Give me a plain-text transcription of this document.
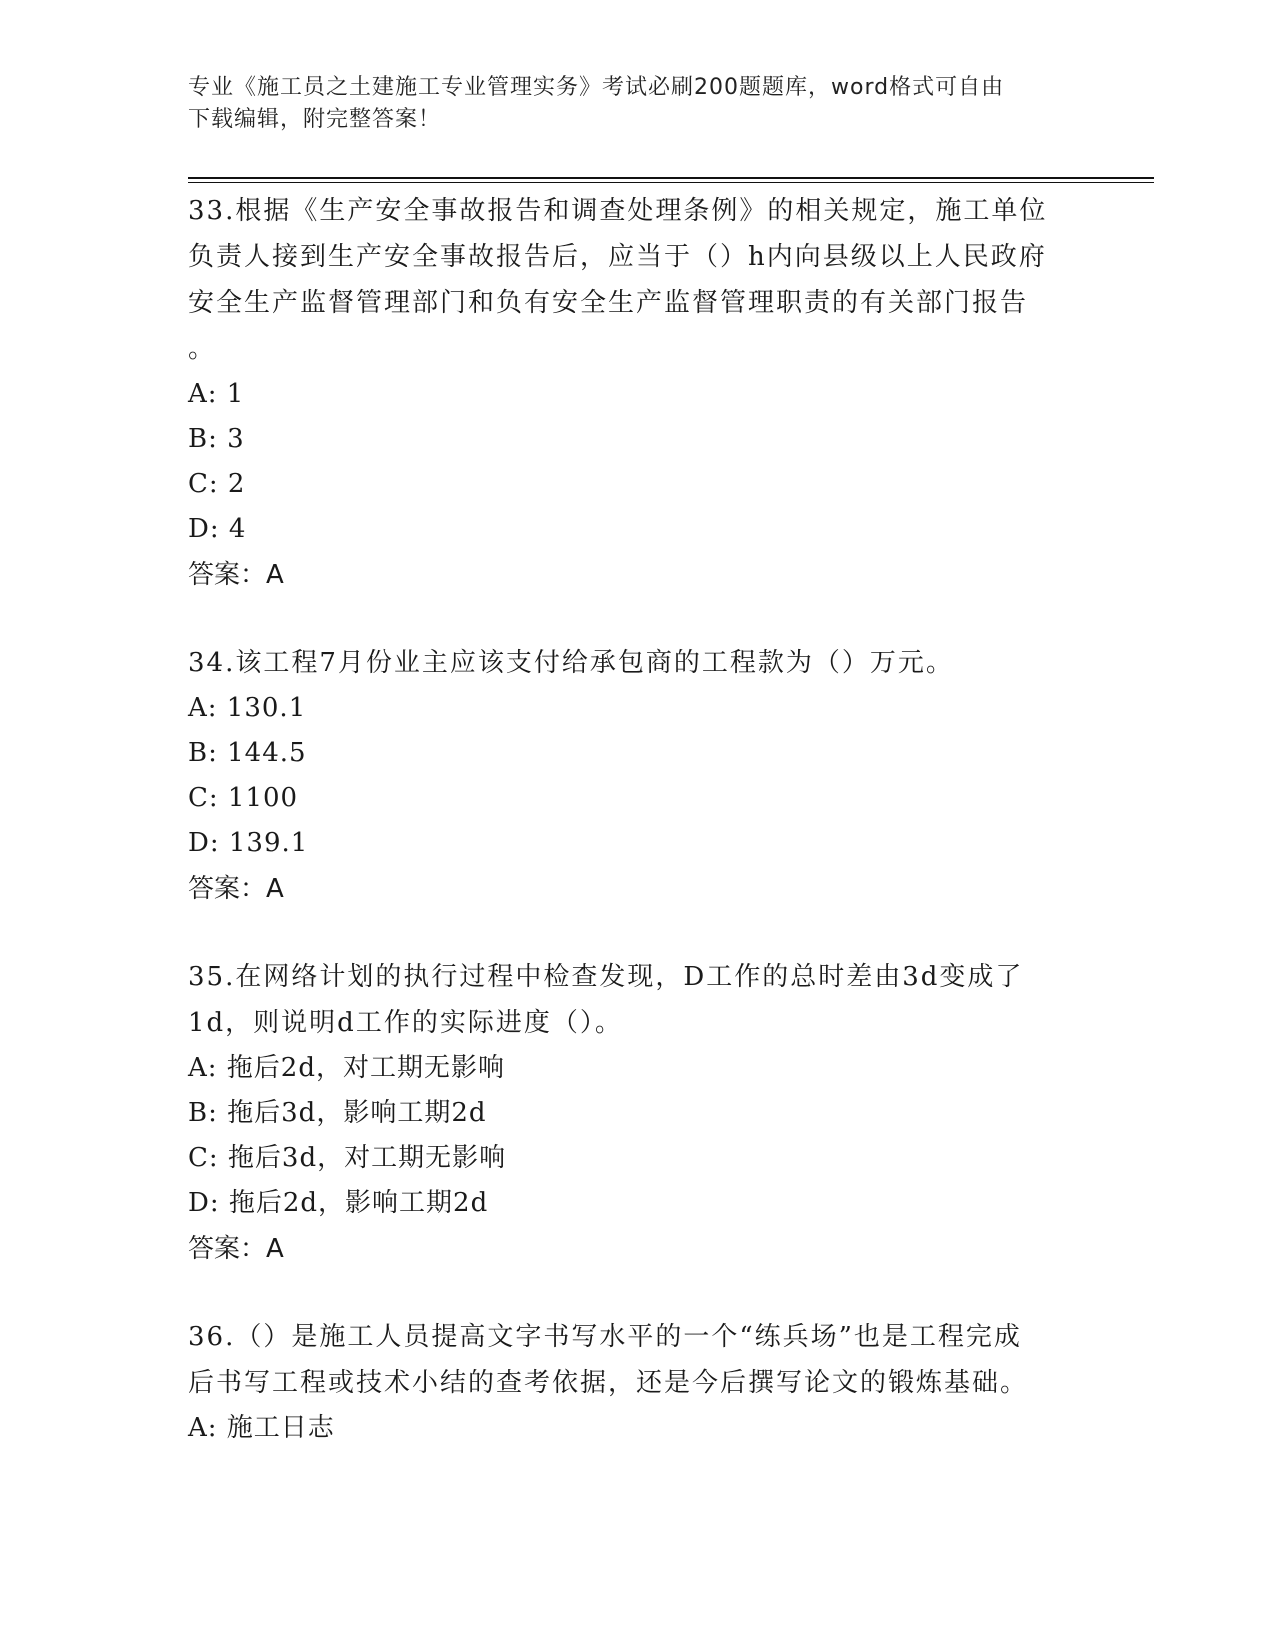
专业《施工员之土建施工专业管理实务》考试必刷200题题库，word格式可自由
下载编辑，附完整答案！

33.根据《生产安全事故报告和调查处理条例》的相关规定，施工单位

负责人接到生产安全事故报告后，应当于（）h内向县级以上人民政府

安全生产监督管理部门和负有安全生产监督管理职责的有关部门报告

。

A: 1

B: 3

C: 2

D: 4

答案：A

34.该工程7月份业主应该支付给承包商的工程款为（）万元。

A: 130.1

B: 144.5

C: 1100

D: 139.1

答案：A

35.在网络计划的执行过程中检查发现，D工作的总时差由3d变成了

1d，则说明d工作的实际进度（）。

A: 拖后2d，对工期无影响

B: 拖后3d，影响工期2d

C: 拖后3d，对工期无影响

D: 拖后2d，影响工期2d

答案：A

36.（）是施工人员提高文字书写水平的一个“练兵场”也是工程完成

后书写工程或技术小结的查考依据，还是今后撰写论文的锻炼基础。

A: 施工日志
